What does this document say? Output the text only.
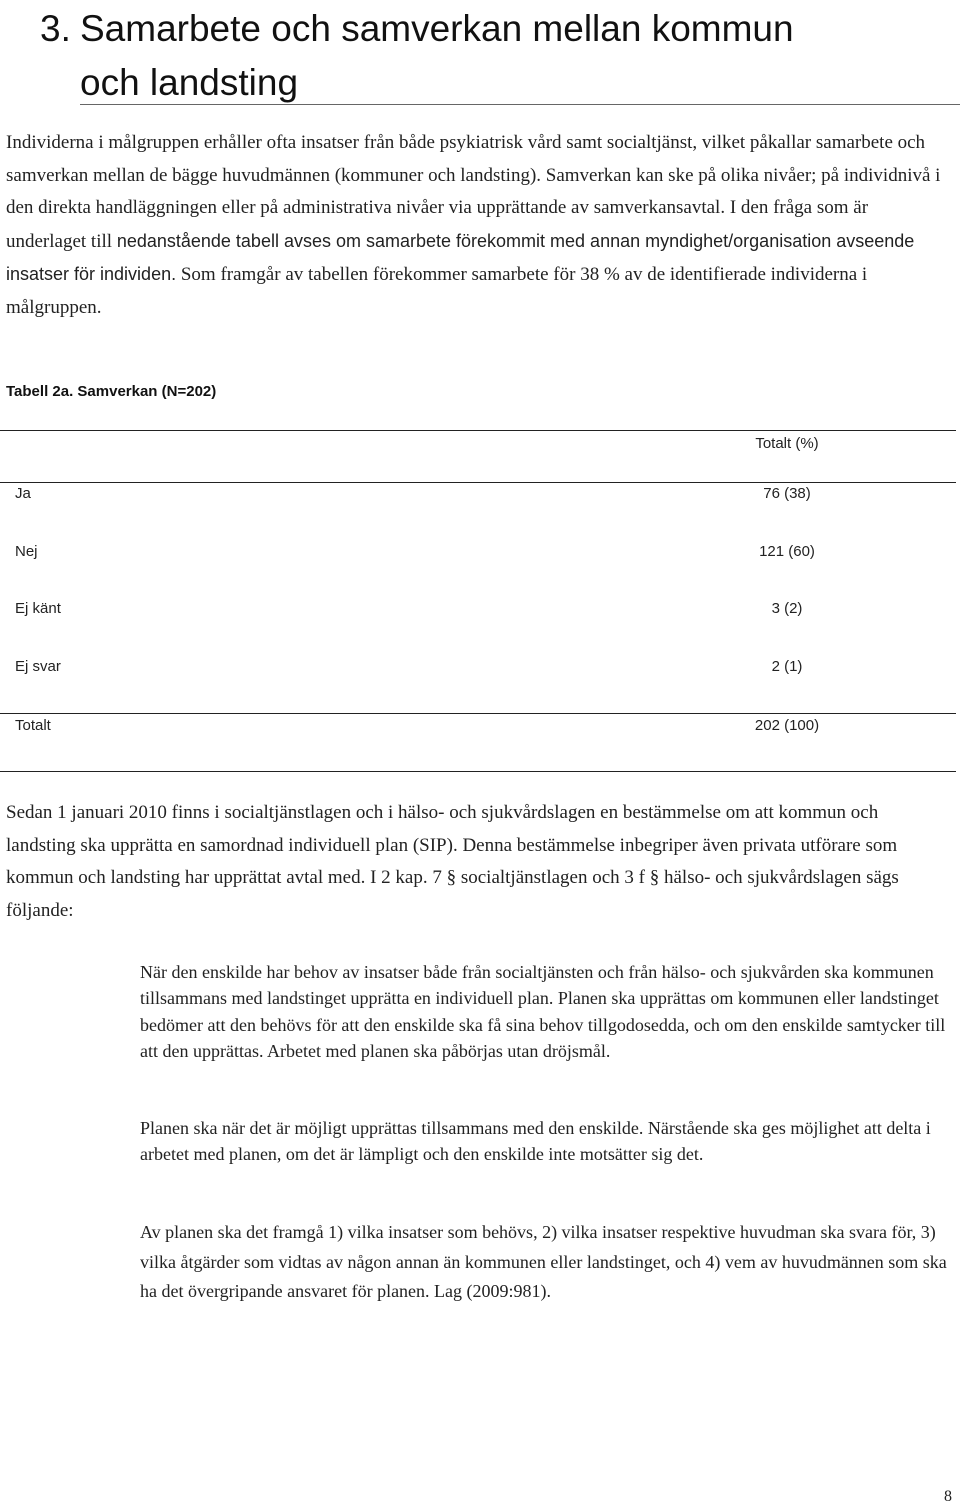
3. Samarbete och samverkan mellan kommun
och landsting

Individerna i målgruppen erhåller ofta insatser från både psykiatrisk vård samt socialtjänst, vilket påkallar samarbete och samverkan mellan de bägge huvudmännen (kommuner och landsting). Samverkan kan ske på olika nivåer; på individnivå i den direkta handläggningen eller på administrativa nivåer via upprättande av samverkansavtal. I den fråga som är underlaget till nedanstående tabell avses om samarbete förekommit med annan myndighet/organisation avseende insatser för individen. Som framgår av tabellen förekommer samarbete för 38 % av de identifierade individerna i målgruppen.

Tabell 2a. Samverkan (N=202)

Totalt (%)

Ja	76 (38)

Nej	121 (60)

Ej känt	3 (2)

Ej svar	2 (1)

Totalt	202 (100)

Sedan 1 januari 2010 finns i socialtjänstlagen och i hälso- och sjukvårdslagen en bestämmelse om att kommun och landsting ska upprätta en samordnad individuell plan (SIP). Denna bestämmelse inbegriper även privata utförare som kommun och landsting har upprättat avtal med. I 2 kap. 7 § socialtjänstlagen och 3 f § hälso- och sjukvårdslagen sägs följande:

När den enskilde har behov av insatser både från socialtjänsten och från hälso- och sjukvården ska kommunen tillsammans med landstinget upprätta en individuell plan. Planen ska upprättas om kommunen eller landstinget bedömer att den behövs för att den enskilde ska få sina behov tillgodosedda, och om den enskilde samtycker till att den upprättas. Arbetet med planen ska påbörjas utan dröjsmål.

Planen ska när det är möjligt upprättas tillsammans med den enskilde. Närstående ska ges möjlighet att delta i arbetet med planen, om det är lämpligt och den enskilde inte motsätter sig det.

Av planen ska det framgå 1) vilka insatser som behövs, 2) vilka insatser respektive huvudman ska svara för, 3) vilka åtgärder som vidtas av någon annan än kommunen eller landstinget, och 4) vem av huvudmännen som ska ha det övergripande ansvaret för planen. Lag (2009:981).

8
